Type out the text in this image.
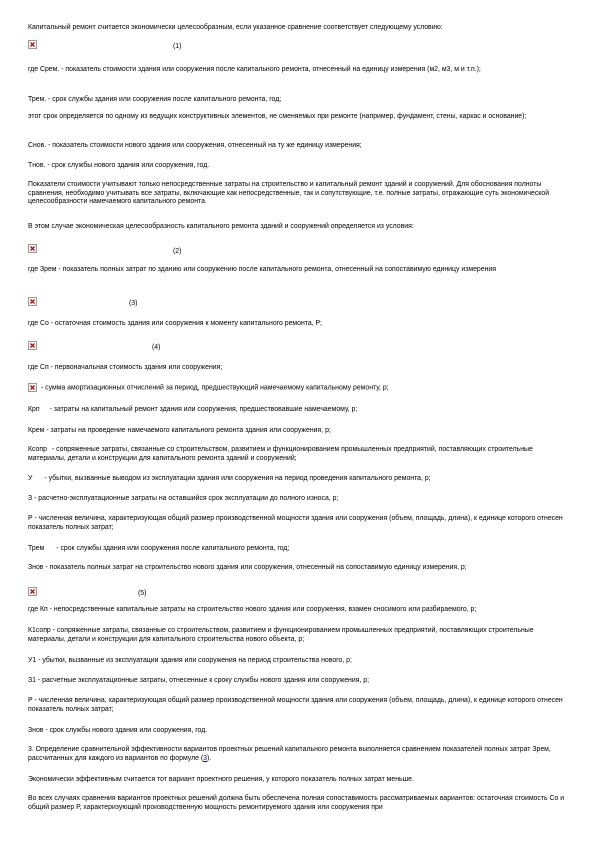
Капитальный ремонт считается экономически целесообразным, если указанное сравнение соответствует следующему условию:

(1)

где Срем. - показатель стоимости здания или сооружения после капитального ремонта, отнесенный на единицу измерения (м2, м3, м и т.п.);

Трем. - срок службы здания или сооружения после капитального ремонта, год;

этот срок определяется по одному из ведущих конструктивных элементов, не сменяемых при ремонте (например, фундамент, стены, каркас и основание);

Снов. - показатель стоимости нового здания или сооружения, отнесенный на ту же единицу измерения;

Тнов. - срок службы нового здания или сооружения, год.

Показатели стоимости учитывают только непосредственные затраты на строительство и капитальный ремонт зданий и сооружений. Для обоснования полноты сравнения, необходимо учитывать все затраты, включающие как непосредственные, так и сопутствующие, т.е. полные затраты, отражающие суть экономической целесообразности намечаемого капитального ремонта.

В этом случае экономическая целесообразность капитального ремонта зданий и сооружений определяется из условия:

(2)

где Зрем - показатель полных затрат по зданию или сооружению после капитального ремонта, отнесенный на сопоставимую единицу измерения

(3)

где Со - остаточная стоимость здания или сооружения к моменту капитального ремонта, Р;

(4)

где Сп - первоначальная стоимость здания или сооружения;

- сумма амортизационных отчислений за период, предшествующий намечаемому капитальному ремонту, р;

Крп - затраты на капитальный ремонт здания или сооружения, предшествовавшие намечаемому, р;

Крем - затраты на проведение намечаемого капитального ремонта здания или сооружения, р;

Ксопр - сопряженные затраты, связанные со строительством, развитием и функционированием промышленных предприятий, поставляющих строительные материалы, детали и конструкции для капитального ремонта зданий и сооружений;

У - убытки, вызванные выводом из эксплуатации здания или сооружения на период проведения капитального ремонта, р;

З - расчетно-эксплуатационные затраты на оставшийся срок эксплуатации до полного износа, р;

Р - численная величина, характеризующая общий размер производственной мощности здания или сооружения (объем, площадь, длина), к единице которого отнесен показатель полных затрат;

Трем - срок службы здания или сооружения после капитального ремонта, год;

Знов - показатель полных затрат на строительство нового здания или сооружения, отнесенный на сопоставимую единицу измерения, р;

(5)

где Кп - непосредственные капитальные затраты на строительство нового здания или сооружения, взамен сносимого или разбираемого, р;

К1сопр - сопряженные затраты, связанные со строительством, развитием и функционированием промышленных предприятий, поставляющих строительные материалы, детали и конструкции для капитального строительства нового объекта, р;

У1 - убытки, вызванные из эксплуатации здания или сооружения на период строительства нового, р;

З1 - расчетные эксплуатационные затраты, отнесенные к сроку службы нового здания или сооружения, р;

Р - численная величина, характеризующая общий размер производственной мощности здания или сооружения (объем, площадь, длина), к единице которого отнесен показатель полных затрат;

Знов - срок службы нового здания или сооружения, год.

3. Определение сравнительной эффективности вариантов проектных решений капитального ремонта выполняется сравнением показателей полных затрат Зрем, рассчитанных для каждого из вариантов по формуле (3).

Экономически эффективным считается тот вариант проектного решения, у которого показатель полных затрат меньше.

Во всех случаях сравнения вариантов проектных решений должна быть обеспечена полная сопоставимость рассматриваемых вариантов: остаточная стоимость Со и общий размер Р, характеризующий производственную мощность ремонтируемого здания или сооружения при
